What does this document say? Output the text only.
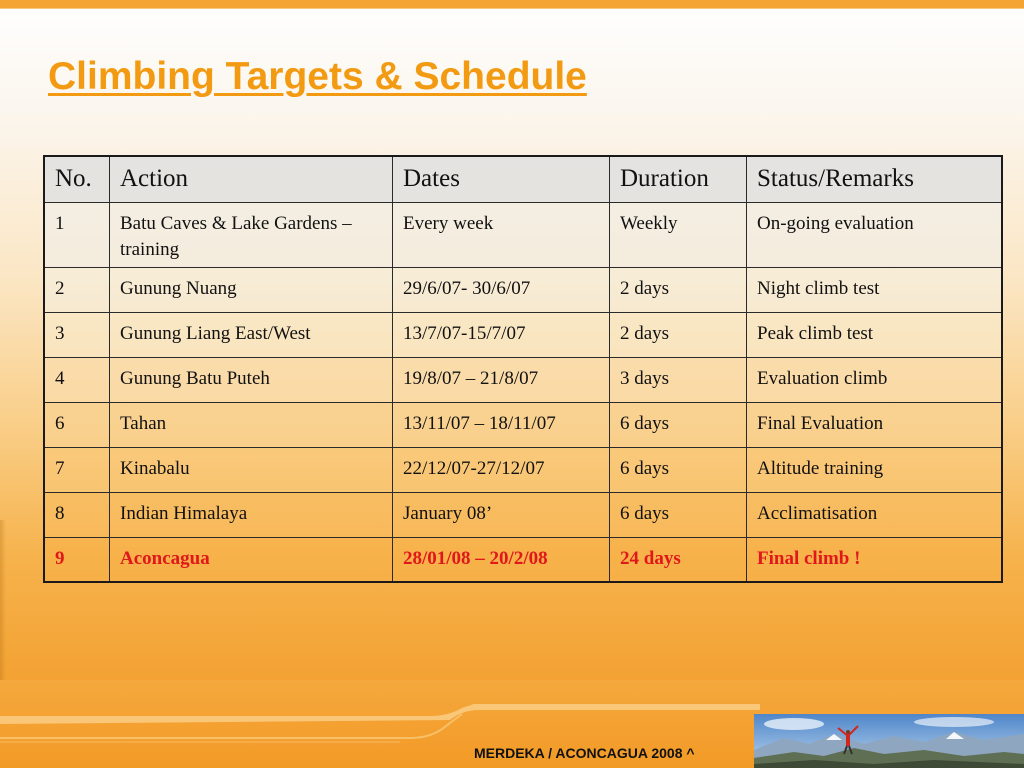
Climbing Targets & Schedule
No.	Action	Dates	Duration	Status/Remarks
1	Batu Caves & Lake Gardens – training	Every week	Weekly	On-going evaluation
2	Gunung Nuang	29/6/07- 30/6/07	2 days	Night climb test
3	Gunung Liang East/West	13/7/07-15/7/07	2 days	Peak climb test
4	Gunung Batu Puteh	19/8/07 – 21/8/07	3 days	Evaluation climb
6	Tahan	13/11/07 – 18/11/07	6 days	Final Evaluation
7	Kinabalu	22/12/07-27/12/07	6 days	Altitude training
8	Indian Himalaya	January 08’	6 days	Acclimatisation
9	Aconcagua	28/01/08 – 20/2/08	24 days	Final climb !

MERDEKA / ACONCAGUA 2008 ^
